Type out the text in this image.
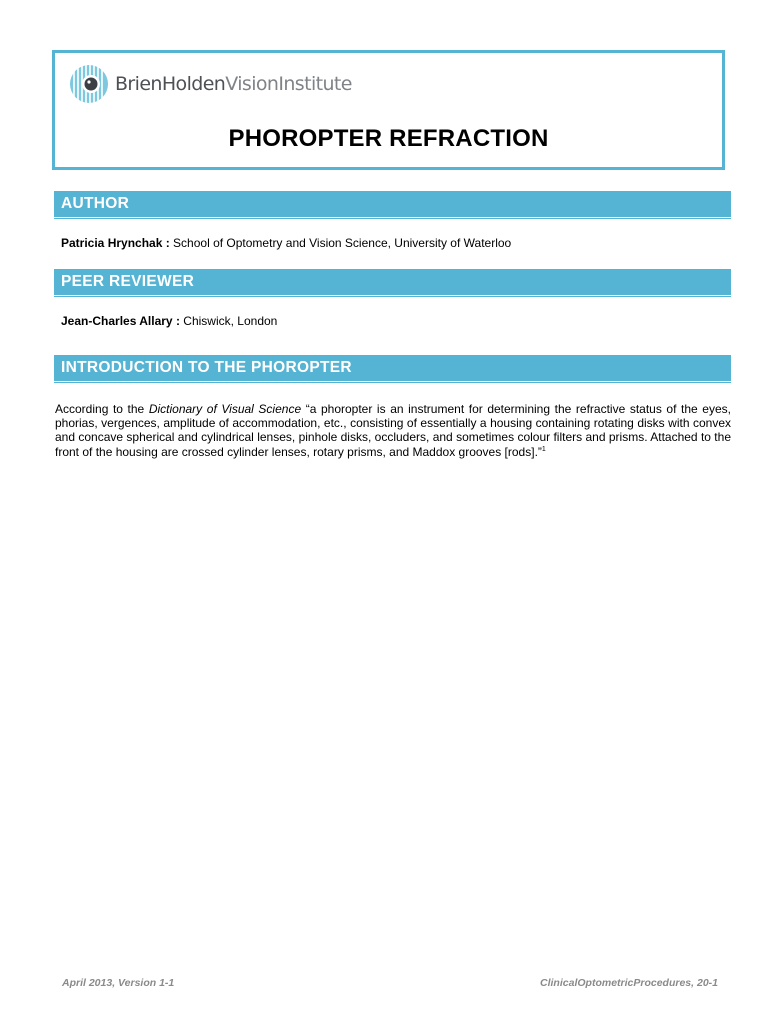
BrienHoldenVisionInstitute
PHOROPTER REFRACTION
AUTHOR
Patricia Hrynchak : School of Optometry and Vision Science, University of Waterloo
PEER REVIEWER
Jean-Charles Allary : Chiswick, London
INTRODUCTION TO THE PHOROPTER
According to the Dictionary of Visual Science “a phoropter is an instrument for determining the refractive status of the eyes, phorias, vergences, amplitude of accommodation, etc., consisting of essentially a housing containing rotating disks with convex and concave spherical and cylindrical lenses, pinhole disks, occluders, and sometimes colour filters and prisms. Attached to the front of the housing are crossed cylinder lenses, rotary prisms, and Maddox grooves [rods].”$^1$
April 2013, Version 1-1	ClinicalOptometricProcedures, 20-1
